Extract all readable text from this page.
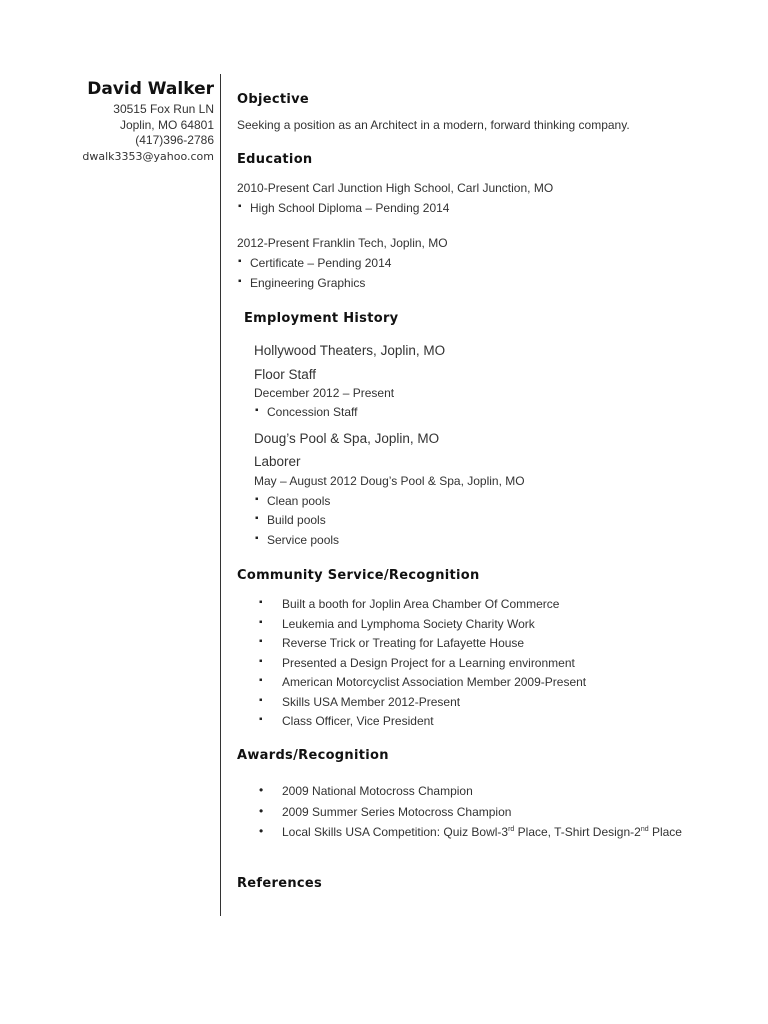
David Walker
30515 Fox Run LN
Joplin, MO 64801
(417)396-2786
dwalk3353@yahoo.com
Objective
Seeking a position as an Architect in a modern, forward thinking company.
Education
2010-Present Carl Junction High School, Carl Junction, MO
▪ High School Diploma – Pending 2014
2012-Present Franklin Tech, Joplin, MO
▪ Certificate – Pending 2014
▪ Engineering Graphics
Employment History
Hollywood Theaters, Joplin, MO
Floor Staff
December 2012 – Present
▪ Concession Staff
Doug’s Pool & Spa, Joplin, MO
Laborer
May – August 2012 Doug’s Pool & Spa, Joplin, MO
▪ Clean pools
▪ Build pools
▪ Service pools
Community Service/Recognition
▪ Built a booth for Joplin Area Chamber Of Commerce
▪ Leukemia and Lymphoma Society Charity Work
▪ Reverse Trick or Treating for Lafayette House
▪ Presented a Design Project for a Learning environment
▪ American Motorcyclist Association Member 2009-Present
▪ Skills USA Member 2012-Present
▪ Class Officer, Vice President
Awards/Recognition
• 2009 National Motocross Champion
• 2009 Summer Series Motocross Champion
• Local Skills USA Competition: Quiz Bowl-3rd Place, T-Shirt Design-2nd Place
References
